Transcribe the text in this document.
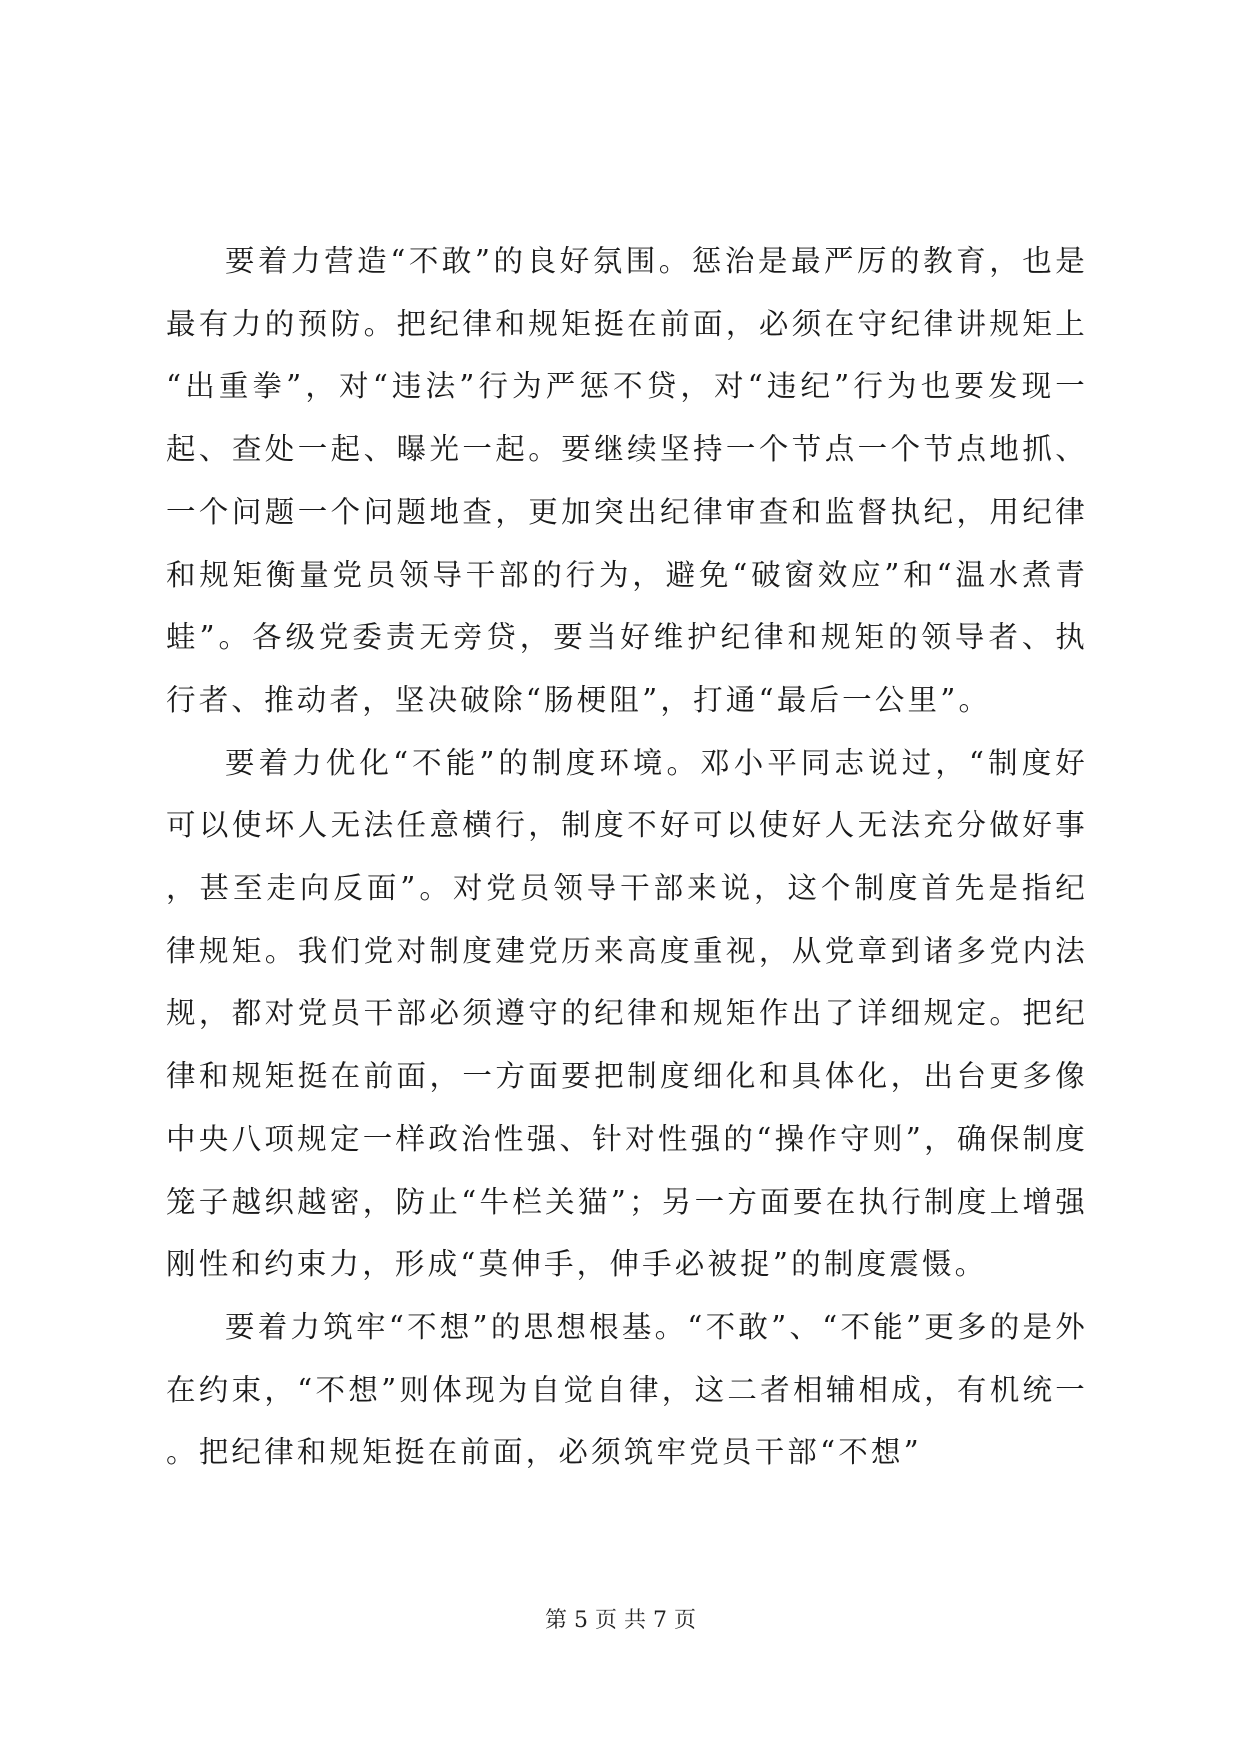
要着力营造“不敢”的良好氛围。惩治是最严厉的教育，也是最有力的预防。把纪律和规矩挺在前面，必须在守纪律讲规矩上“出重拳”，对“违法”行为严惩不贷，对“违纪”行为也要发现一起、查处一起、曝光一起。要继续坚持一个节点一个节点地抓、一个问题一个问题地查，更加突出纪律审查和监督执纪，用纪律和规矩衡量党员领导干部的行为，避免“破窗效应”和“温水煮青蛙”。各级党委责无旁贷，要当好维护纪律和规矩的领导者、执行者、推动者，坚决破除“肠梗阻”，打通“最后一公里”。

要着力优化“不能”的制度环境。邓小平同志说过，“制度好可以使坏人无法任意横行，制度不好可以使好人无法充分做好事，甚至走向反面”。对党员领导干部来说，这个制度首先是指纪律规矩。我们党对制度建党历来高度重视，从党章到诸多党内法规，都对党员干部必须遵守的纪律和规矩作出了详细规定。把纪律和规矩挺在前面，一方面要把制度细化和具体化，出台更多像中央八项规定一样政治性强、针对性强的“操作守则”，确保制度笼子越织越密，防止“牛栏关猫”；另一方面要在执行制度上增强刚性和约束力，形成“莫伸手，伸手必被捉”的制度震慑。

要着力筑牢“不想”的思想根基。“不敢”、“不能”更多的是外在约束，“不想”则体现为自觉自律，这二者相辅相成，有机统一。把纪律和规矩挺在前面，必须筑牢党员干部“不想”

第 5 页 共 7 页
